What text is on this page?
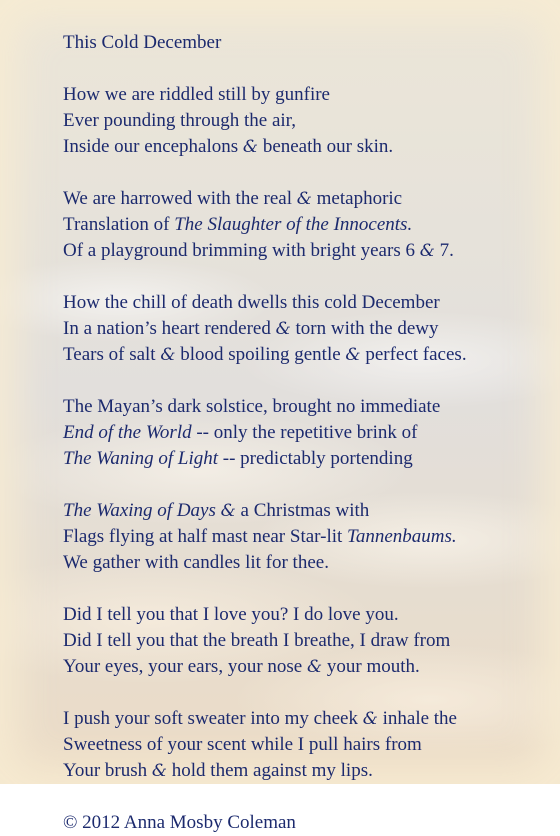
This Cold December
How we are riddled still by gunfire
Ever pounding through the air,
Inside our encephalons & beneath our skin.
We are harrowed with the real & metaphoric
Translation of The Slaughter of the Innocents.
Of a playground brimming with bright years 6 & 7.
How the chill of death dwells this cold December
In a nation’s heart rendered & torn with the dewy
Tears of salt & blood spoiling gentle & perfect faces.
The Mayan’s dark solstice, brought no immediate
End of the World -- only the repetitive brink of
The Waning of Light -- predictably portending
The Waxing of Days & a Christmas with
Flags flying at half mast near Star-lit Tannenbaums.
We gather with candles lit for thee.
Did I tell you that I love you? I do love you.
Did I tell you that the breath I breathe, I draw from
Your eyes, your ears, your nose & your mouth.
I push your soft sweater into my cheek & inhale the
Sweetness of your scent while I pull hairs from
Your brush & hold them against my lips.
© 2012 Anna Mosby Coleman
